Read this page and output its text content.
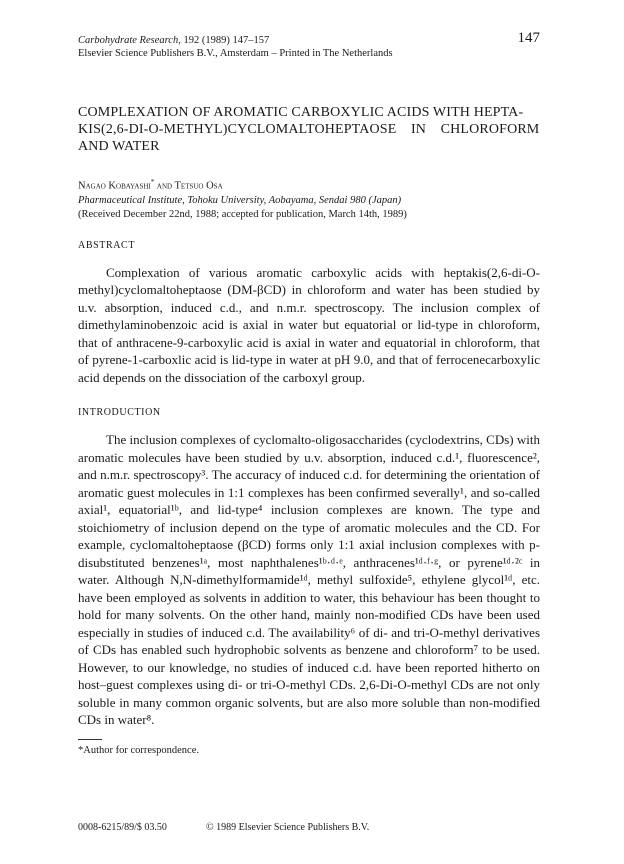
Carbohydrate Research, 192 (1989) 147–157
Elsevier Science Publishers B.V., Amsterdam – Printed in The Netherlands
147
COMPLEXATION OF AROMATIC CARBOXYLIC ACIDS WITH HEPTA-
KIS(2,6-DI-O-METHYL)CYCLOMALTOHEPTAOSE    IN    CHLOROFORM
AND WATER
Nagao Kobayashi* and Tetsuo Osa
Pharmaceutical Institute, Tohoku University, Aobayama, Sendai 980 (Japan)
(Received December 22nd, 1988; accepted for publication, March 14th, 1989)
ABSTRACT

Complexation of various aromatic carboxylic acids with heptakis(2,6-di-O-methyl)cyclomaltoheptaose (DM-βCD) in chloroform and water has been studied by u.v. absorption, induced c.d., and n.m.r. spectroscopy. The inclusion complex of dimethylaminobenzoic acid is axial in water but equatorial or lid-type in chloroform, that of anthracene-9-carboxylic acid is axial in water and equatorial in chloroform, that of pyrene-1-carboxlic acid is lid-type in water at pH 9.0, and that of ferrocenecarboxylic acid depends on the dissociation of the carboxyl group.

INTRODUCTION

The inclusion complexes of cyclomalto-oligosaccharides (cyclodextrins, CDs) with aromatic molecules have been studied by u.v. absorption, induced c.d.¹, fluorescence², and n.m.r. spectroscopy³. The accuracy of induced c.d. for determining the orientation of aromatic guest molecules in 1:1 complexes has been confirmed severally¹, and so-called axial¹, equatorial¹ᵇ, and lid-type⁴ inclusion complexes are known. The type and stoichiometry of inclusion depend on the type of aromatic molecules and the CD. For example, cyclomaltoheptaose (βCD) forms only 1:1 axial inclusion complexes with p-disubstituted benzenes¹ᵃ, most naphthalenes¹ᵇ·ᵈ·ᵉ, anthracenes¹ᵈ·ᶠ·ᵍ, or pyrene¹ᵈ·²ᶜ in water. Although N,N-dimethylformamide¹ᵈ, methyl sulfoxide⁵, ethylene glycol¹ᵈ, etc. have been employed as solvents in addition to water, this behaviour has been thought to hold for many solvents. On the other hand, mainly non-modified CDs have been used especially in studies of induced c.d. The availability⁶ of di- and tri-O-methyl derivatives of CDs has enabled such hydrophobic solvents as benzene and chloroform⁷ to be used. However, to our knowledge, no studies of induced c.d. have been reported hitherto on host–guest complexes using di- or tri-O-methyl CDs. 2,6-Di-O-methyl CDs are not only soluble in many common organic solvents, but are also more soluble than non-modified CDs in water⁸.

*Author for correspondence.
0008-6215/89/$ 03.50	© 1989 Elsevier Science Publishers B.V.
